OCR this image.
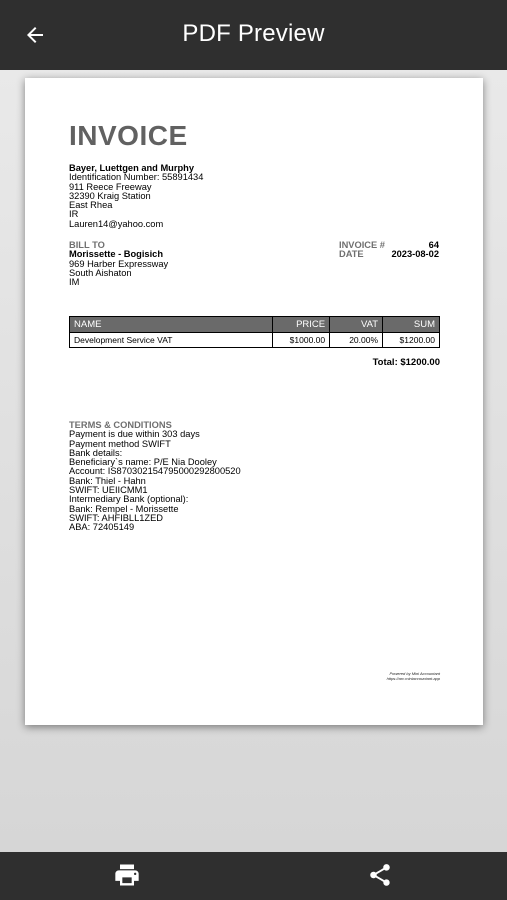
PDF Preview
INVOICE
Bayer, Luettgen and Murphy
Identification Number: 55891434
911 Reece Freeway
32390 Kraig Station
East Rhea
IR
Lauren14@yahoo.com
BILL TO
Morissette - Bogisich
969 Harber Expressway
South Aishaton
IM
INVOICE #	64
DATE	2023-08-02
NAME	PRICE	VAT	SUM
Development Service VAT	$1000.00	20.00%	$1200.00
Total: $1200.00
TERMS & CONDITIONS
Payment is due within 303 days
Payment method SWIFT
Bank details:
Beneficiary`s name: P/E Nia Dooley
Account: IS870302154795000292800520
Bank: Thiel - Hahn
SWIFT: UEIICMM1
Intermediary Bank (optional):
Bank: Rempel - Morissette
SWIFT: AHFIBLL1ZED
ABA: 72405149
Powered by Mini Accountant
https://arc.miniaccountant.app
